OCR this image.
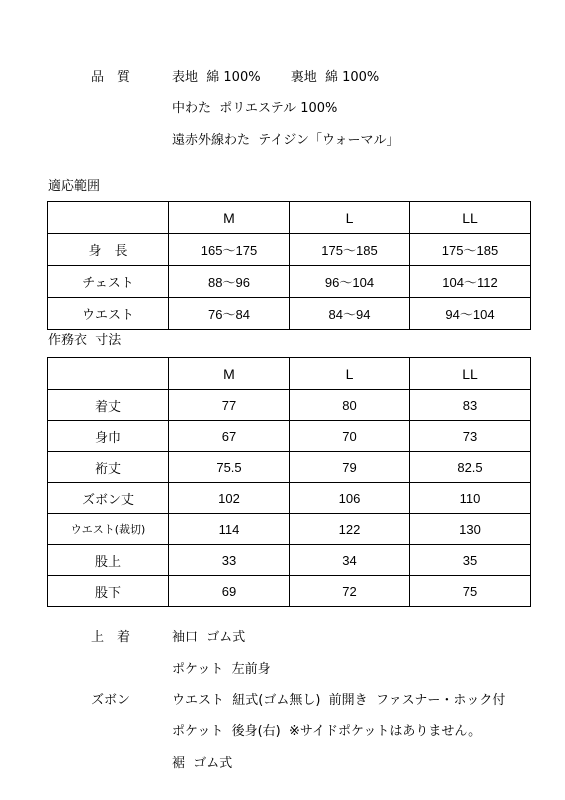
品　質	表地  綿 100%　　 裏地  綿 100%
中わた  ポリエステル 100%
遠赤外線わた  テイジン「ウォーマル」
適応範囲
	M	L	LL
身　長	165～175	175～185	175～185
チェスト	88～96	96～104	104～112
ウエスト	76～84	84～94	94～104
作務衣  寸法
	M	L	LL
着丈	77	80	83
身巾	67	70	73
裄丈	75.5	79	82.5
ズボン丈	102	106	110
ウエスト(裁切)	114	122	130
股上	33	34	35
股下	69	72	75
上　着	袖口  ゴム式
ポケット  左前身
ズボン	ウエスト  紐式(ゴム無し)  前開き  ファスナー・ホック付
ポケット  後身(右)  ※サイドポケットはありません。
裾  ゴム式
